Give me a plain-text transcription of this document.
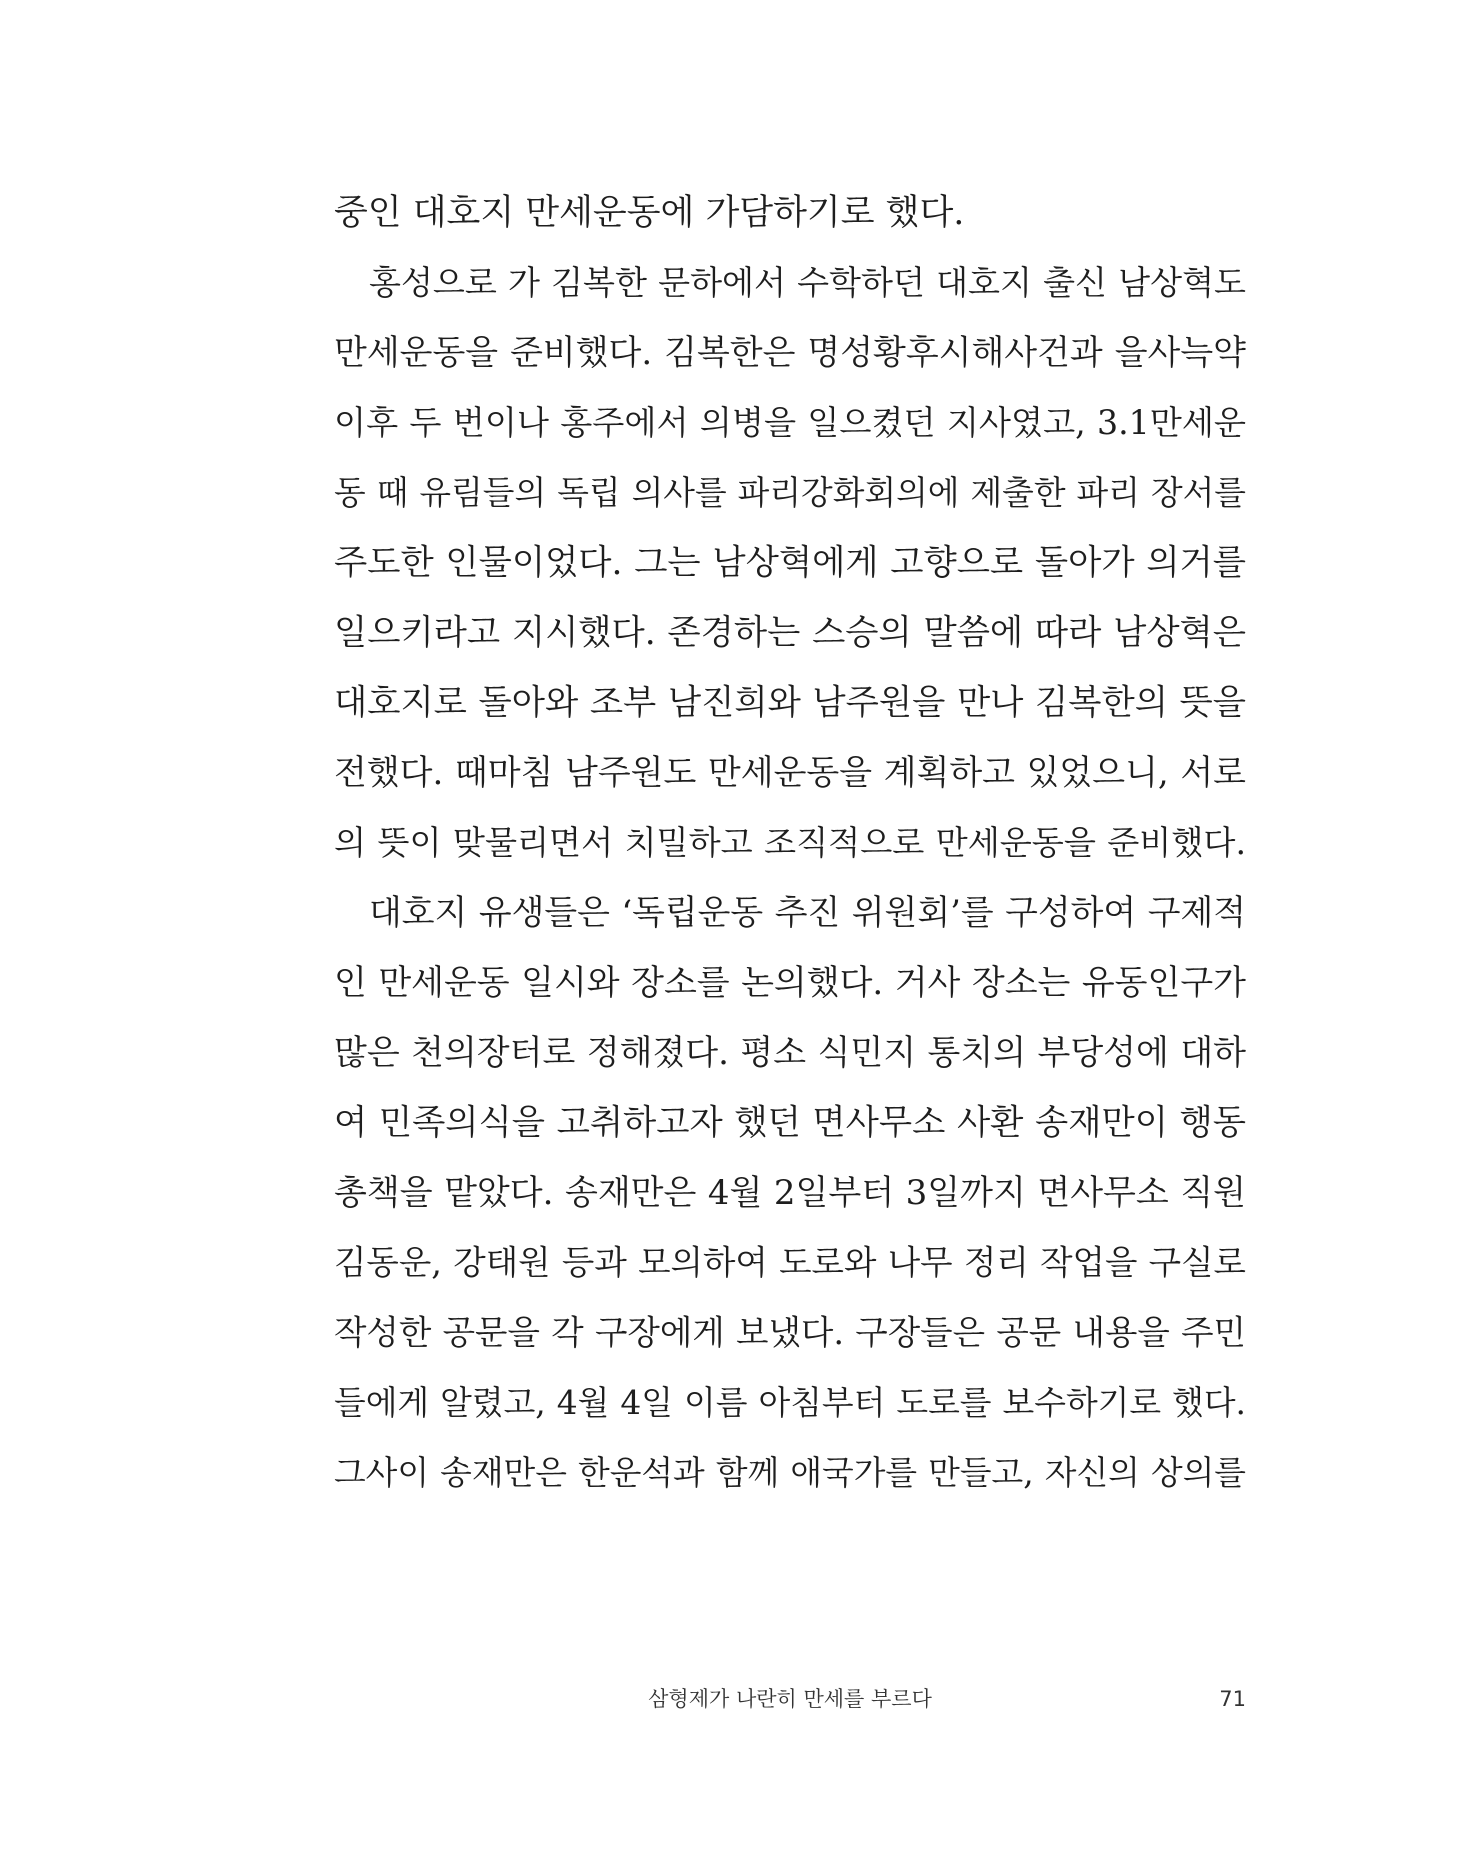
중인 대호지 만세운동에 가담하기로 했다.
홍성으로 가 김복한 문하에서 수학하던 대호지 출신 남상혁도
만세운동을 준비했다. 김복한은 명성황후시해사건과 을사늑약
이후 두 번이나 홍주에서 의병을 일으켰던 지사였고, 3.1만세운
동 때 유림들의 독립 의사를 파리강화회의에 제출한 파리 장서를
주도한 인물이었다. 그는 남상혁에게 고향으로 돌아가 의거를
일으키라고 지시했다. 존경하는 스승의 말씀에 따라 남상혁은
대호지로 돌아와 조부 남진희와 남주원을 만나 김복한의 뜻을
전했다. 때마침 남주원도 만세운동을 계획하고 있었으니, 서로
의 뜻이 맞물리면서 치밀하고 조직적으로 만세운동을 준비했다.
대호지 유생들은 ‘독립운동 추진 위원회’를 구성하여 구제적
인 만세운동 일시와 장소를 논의했다. 거사 장소는 유동인구가
많은 천의장터로 정해졌다. 평소 식민지 통치의 부당성에 대하
여 민족의식을 고취하고자 했던 면사무소 사환 송재만이 행동
총책을 맡았다. 송재만은 4월 2일부터 3일까지 면사무소 직원
김동운, 강태원 등과 모의하여 도로와 나무 정리 작업을 구실로
작성한 공문을 각 구장에게 보냈다. 구장들은 공문 내용을 주민
들에게 알렸고, 4월 4일 이름 아침부터 도로를 보수하기로 했다.
그사이 송재만은 한운석과 함께 애국가를 만들고, 자신의 상의를
삼형제가 나란히 만세를 부르다	71
